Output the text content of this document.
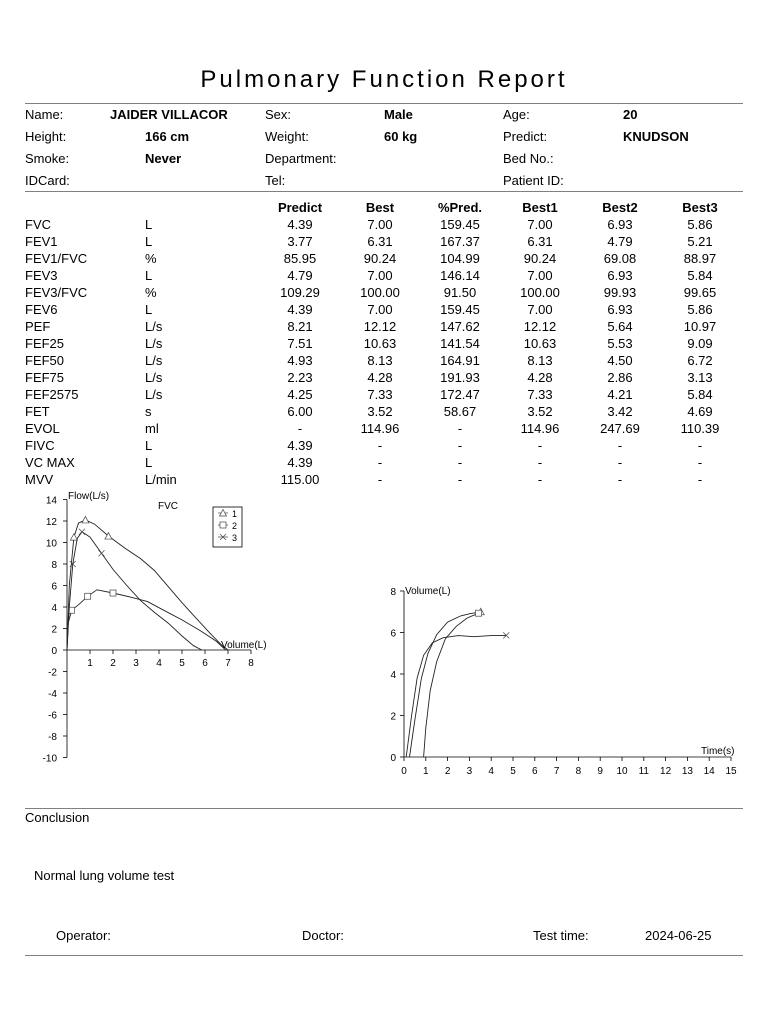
Pulmonary Function Report
Name:	JAIDER VILLACOR	Sex:	Male	Age:	20
Height:	166 cm	Weight:	60 kg	Predict:	KNUDSON
Smoke:	Never	Department:	Bed No.:
IDCard:	Tel:	Patient ID:
		Predict	Best	%Pred.	Best1	Best2	Best3
FVC	L	4.39	7.00	159.45	7.00	6.93	5.86
FEV1	L	3.77	6.31	167.37	6.31	4.79	5.21
FEV1/FVC	%	85.95	90.24	104.99	90.24	69.08	88.97
FEV3	L	4.79	7.00	146.14	7.00	6.93	5.84
FEV3/FVC	%	109.29	100.00	91.50	100.00	99.93	99.65
FEV6	L	4.39	7.00	159.45	7.00	6.93	5.86
PEF	L/s	8.21	12.12	147.62	12.12	5.64	10.97
FEF25	L/s	7.51	10.63	141.54	10.63	5.53	9.09
FEF50	L/s	4.93	8.13	164.91	8.13	4.50	6.72
FEF75	L/s	2.23	4.28	191.93	4.28	2.86	3.13
FEF2575	L/s	4.25	7.33	172.47	7.33	4.21	5.84
FET	s	6.00	3.52	58.67	3.52	3.42	4.69
EVOL	ml	-	114.96	-	114.96	247.69	110.39
FIVC	L	4.39	-	-	-	-	-
VC MAX	L	4.39	-	-	-	-	-
MVV	L/min	115.00	-	-	-	-	-
14
12
10
8
6
4
2
0
-2
-4
-6
-8
-10
1 2 3 4 5 6 7 8
FVC
Flow(L/s)
Volume(L)
1
2
3
0
2
4
6
8
0 1 2 3 4 5 6 7 8 9 10 11 12 13 14 15
Volume(L)
Time(s)
Conclusion
Normal lung volume test
Operator:	Doctor:	Test time:	2024-06-25
